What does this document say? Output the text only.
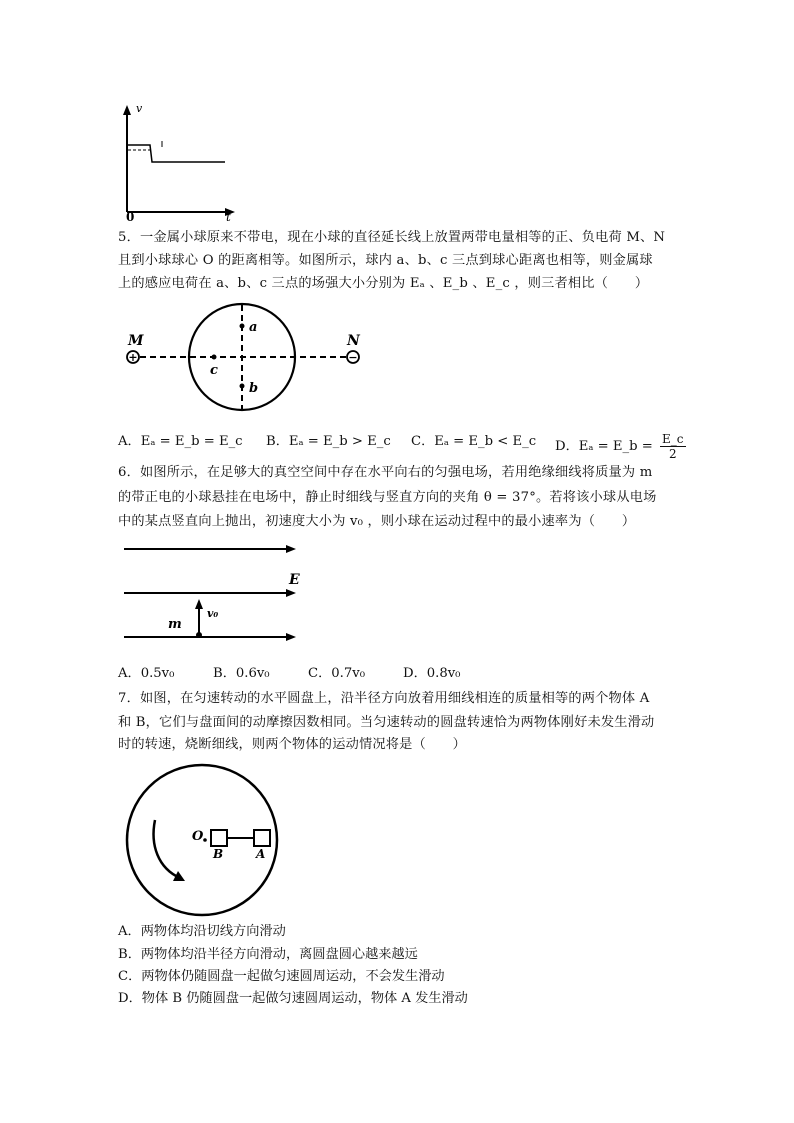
v
t
0
5．一金属小球原来不带电，现在小球的直径延长线上放置两带电量相等的正、负电荷 M、N
且到小球球心 O 的距离相等。如图所示，球内 a、b、c 三点到球心距离也相等，则金属球
上的感应电荷在 a、b、c 三点的场强大小分别为 Eₐ 、E_b 、E_c ，则三者相比（　　）
+	−
M	N
a
b
c
A．Eₐ = E_b = E_c B．Eₐ = E_b > E_c C．Eₐ = E_b < E_c D．Eₐ = E_b = $\frac{E\_c}{2}$
6．如图所示，在足够大的真空空间中存在水平向右的匀强电场，若用绝缘细线将质量为 m
的带正电的小球悬挂在电场中，静止时细线与竖直方向的夹角 θ = 37°。若将该小球从电场
中的某点竖直向上抛出，初速度大小为 v₀ ，则小球在运动过程中的最小速率为（　　）
E
m
v₀
A．0.5v₀	B．0.6v₀	C．0.7v₀	D．0.8v₀
7．如图，在匀速转动的水平圆盘上，沿半径方向放着用细线相连的质量相等的两个物体 A
和 B，它们与盘面间的动摩擦因数相同。当匀速转动的圆盘转速恰为两物体刚好未发生滑动
时的转速，烧断细线，则两个物体的运动情况将是（　　）
O
B	A
A．两物体均沿切线方向滑动
B．两物体均沿半径方向滑动，离圆盘圆心越来越远
C．两物体仍随圆盘一起做匀速圆周运动，不会发生滑动
D．物体 B 仍随圆盘一起做匀速圆周运动，物体 A 发生滑动
